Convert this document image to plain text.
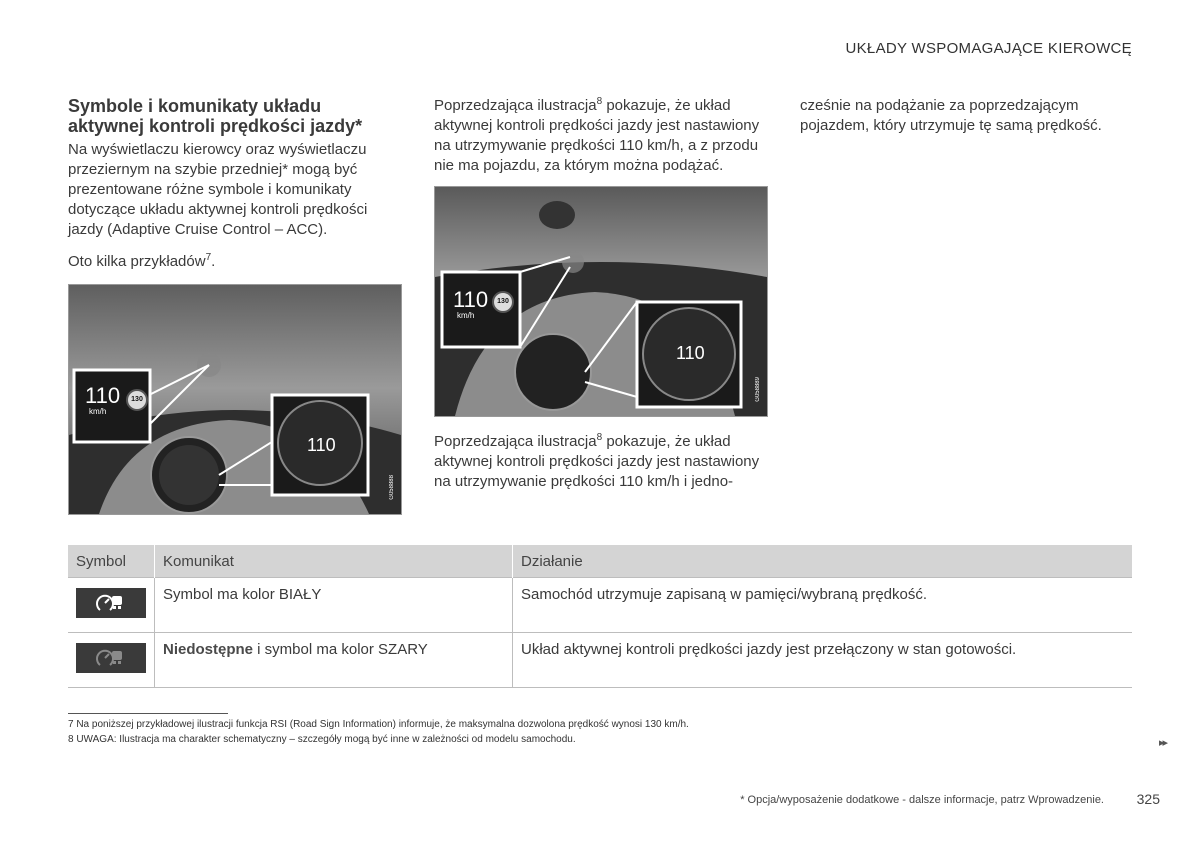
UKŁADY WSPOMAGAJĄCE KIEROWCĘ
Symbole i komunikaty układu
aktywnej kontroli prędkości jazdy*

Na wyświetlaczu kierowcy oraz wyświetlaczu przeziernym na szybie przedniej* mogą być prezentowane różne symbole i komunikaty dotyczące układu aktywnej kontroli prędkości jazdy (Adaptive Cruise Control – ACC).

Oto kilka przykładów$^7$.

110
km/h
130
110
G058888

Poprzedzająca ilustracja$^8$ pokazuje, że układ aktywnej kontroli prędkości jazdy jest nastawiony na utrzymywanie prędkości 110 km/h, a z przodu nie ma pojazdu, za którym można podążać.

110
km/h
130
110
G058889

Poprzedzająca ilustracja$^8$ pokazuje, że układ aktywnej kontroli prędkości jazdy jest nastawiony na utrzymywanie prędkości 110 km/h i jedno-

cześnie na podążanie za poprzedzającym pojazdem, który utrzymuje tę samą prędkość.

Symbol	Komunikat	Działanie

	Symbol ma kolor BIAŁY	Samochód utrzymuje zapisaną w pamięci/wybraną prędkość.

	Niedostępne i symbol ma kolor SZARY	Układ aktywnej kontroli prędkości jazdy jest przełączony w stan gotowości.
7 Na poniższej przykładowej ilustracji funkcja RSI (Road Sign Information) informuje, że maksymalna dozwolona prędkość wynosi 130 km/h.
8 UWAGA: Ilustracja ma charakter schematyczny – szczegóły mogą być inne w zależności od modelu samochodu.	▸▸
* Opcja/wyposażenie dodatkowe - dalsze informacje, patrz Wprowadzenie. 325
